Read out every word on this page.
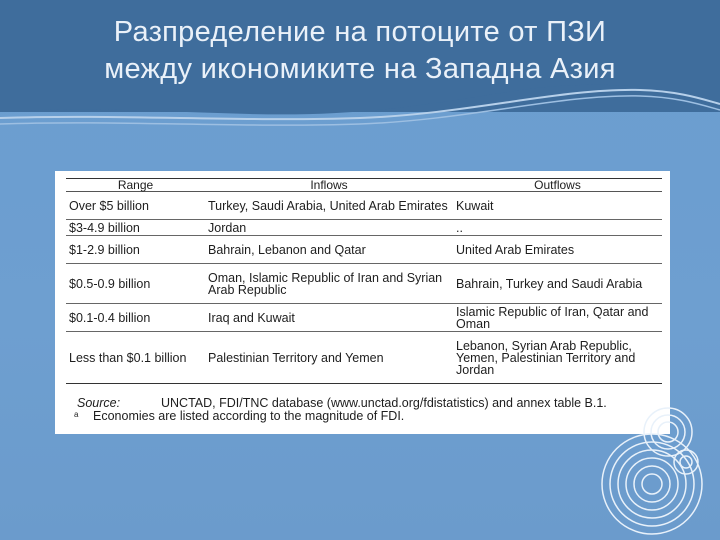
Разпределение на потоците от ПЗИ
между икономиките на Западна Азия
Range	Inflows	Outflows
Over $5 billion	Turkey, Saudi Arabia, United Arab Emirates	Kuwait
$3-4.9 billion	Jordan	..
$1-2.9 billion	Bahrain, Lebanon and Qatar	United Arab Emirates
$0.5-0.9 billion	Oman, Islamic Republic of Iran and Syrian Arab Republic	Bahrain, Turkey and Saudi Arabia
$0.1-0.4 billion	Iraq and Kuwait	Islamic Republic of Iran, Qatar and Oman
Less than $0.1 billion	Palestinian Territory and Yemen	Lebanon, Syrian Arab Republic, Yemen, Palestinian Territory and Jordan
Source:	UNCTAD, FDI/TNC database (www.unctad.org/fdistatistics) and annex table B.1.
a Economies are listed according to the magnitude of FDI.
